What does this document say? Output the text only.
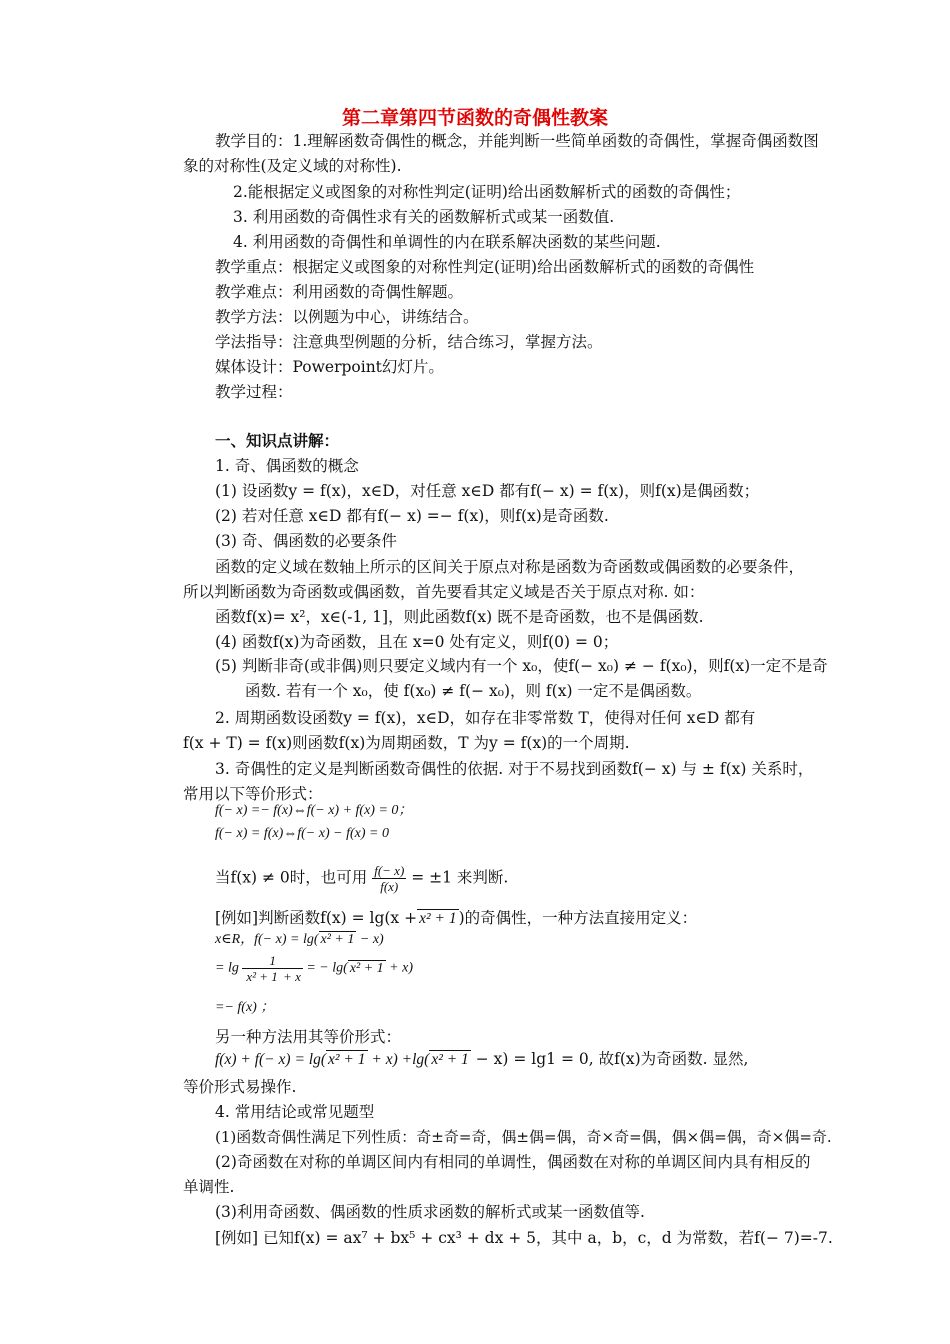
第二章第四节函数的奇偶性教案
教学目的：1.理解函数奇偶性的概念，并能判断一些简单函数的奇偶性，掌握奇偶函数图
象的对称性(及定义域的对称性).
2.能根据定义或图象的对称性判定(证明)给出函数解析式的函数的奇偶性；
3. 利用函数的奇偶性求有关的函数解析式或某一函数值.
4. 利用函数的奇偶性和单调性的内在联系解决函数的某些问题.
教学重点：根据定义或图象的对称性判定(证明)给出函数解析式的函数的奇偶性
教学难点：利用函数的奇偶性解题。
教学方法：以例题为中心，讲练结合。
学法指导：注意典型例题的分析，结合练习，掌握方法。
媒体设计：Powerpoint幻灯片。
教学过程：
一、知识点讲解：
1. 奇、偶函数的概念
(1) 设函数y = f(x)，x∈D，对任意 x∈D 都有f(− x) = f(x)，则f(x)是偶函数；
(2) 若对任意 x∈D 都有f(− x) =− f(x)，则f(x)是奇函数.
(3) 奇、偶函数的必要条件
函数的定义域在数轴上所示的区间关于原点对称是函数为奇函数或偶函数的必要条件，
所以判断函数为奇函数或偶函数，首先要看其定义域是否关于原点对称. 如：
函数f(x)= x²，x∈(-1, 1]，则此函数f(x) 既不是奇函数，也不是偶函数.
(4) 函数f(x)为奇函数，且在 x=0 处有定义，则f(0) = 0；
(5) 判断非奇(或非偶)则只要定义域内有一个 x₀，使f(− x₀) ≠ − f(x₀)，则f(x)一定不是奇
函数. 若有一个 x₀，使 f(x₀) ≠ f(− x₀)，则 f(x) 一定不是偶函数。
2. 周期函数设函数y = f(x)，x∈D，如存在非零常数 T，使得对任何 x∈D 都有
f(x + T) = f(x)则函数f(x)为周期函数，T 为y = f(x)的一个周期.
3. 奇偶性的定义是判断函数奇偶性的依据. 对于不易找到函数f(− x) 与 ± f(x) 关系时，
常用以下等价形式：
f(− x) =− f(x)⇔f(− x) + f(x) = 0；
f(− x) = f(x)⇔f(− x) − f(x) = 0
当f(x) ≠ 0时，也可用 $\frac{f(- x)}{f(x)} = \pm 1$ 来判断.
[例如]判断函数f(x) = lg(x + x² + 1 )的奇偶性，一种方法直接用定义：
x∈R，f(− x) = lg( x² + 1 − x)
= $\lg \frac{1}{\text{x² + 1 + x}}$ = − lg( x² + 1 + x)
=− f(x) ；
另一种方法用其等价形式：
f(x) + f(− x) = lg( x² + 1 + x) +lg( x² + 1 − x) = lg1 = 0, 故f(x)为奇函数. 显然,
等价形式易操作.
4. 常用结论或常见题型
(1)函数奇偶性满足下列性质：奇±奇=奇，偶±偶=偶，奇×奇=偶，偶×偶=偶，奇×偶=奇.
(2)奇函数在对称的单调区间内有相同的单调性，偶函数在对称的单调区间内具有相反的
单调性.
(3)利用奇函数、偶函数的性质求函数的解析式或某一函数值等.
[例如] 已知f(x) = ax⁷ + bx⁵ + cx³ + dx + 5，其中 a，b，c，d 为常数，若f(− 7)=-7.
